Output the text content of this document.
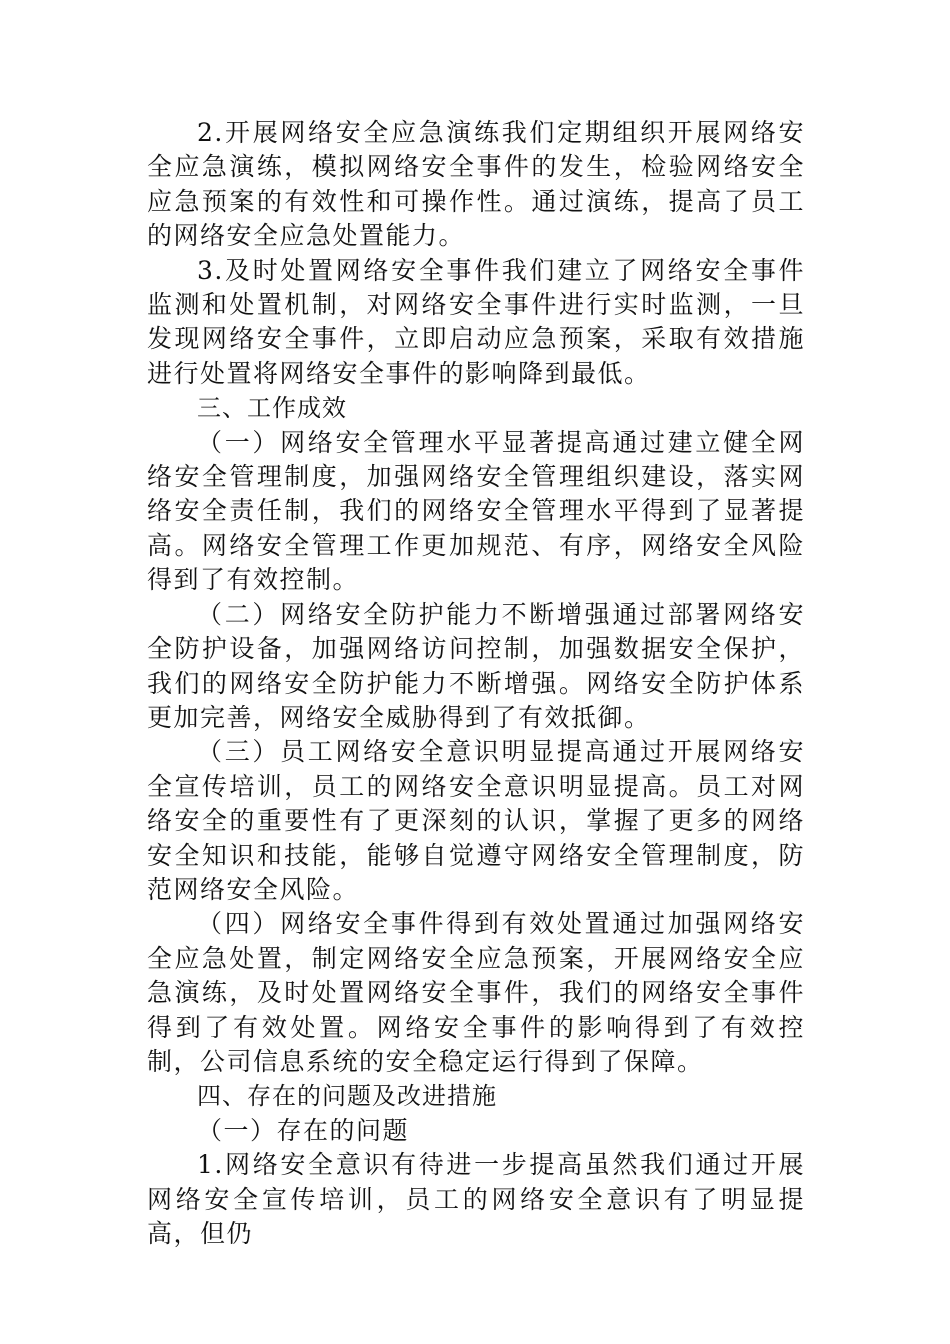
2.开展网络安全应急演练我们定期组织开展网络安全应急演练，模拟网络安全事件的发生，检验网络安全应急预案的有效性和可操作性。通过演练，提高了员工的网络安全应急处置能力。

3.及时处置网络安全事件我们建立了网络安全事件监测和处置机制，对网络安全事件进行实时监测，一旦发现网络安全事件，立即启动应急预案，采取有效措施进行处置将网络安全事件的影响降到最低。

三、工作成效

（一）网络安全管理水平显著提高通过建立健全网络安全管理制度，加强网络安全管理组织建设，落实网络安全责任制，我们的网络安全管理水平得到了显著提高。网络安全管理工作更加规范、有序，网络安全风险得到了有效控制。

（二）网络安全防护能力不断增强通过部署网络安全防护设备，加强网络访问控制，加强数据安全保护，我们的网络安全防护能力不断增强。网络安全防护体系更加完善，网络安全威胁得到了有效抵御。

（三）员工网络安全意识明显提高通过开展网络安全宣传培训，员工的网络安全意识明显提高。员工对网络安全的重要性有了更深刻的认识，掌握了更多的网络安全知识和技能，能够自觉遵守网络安全管理制度，防范网络安全风险。

（四）网络安全事件得到有效处置通过加强网络安全应急处置，制定网络安全应急预案，开展网络安全应急演练，及时处置网络安全事件，我们的网络安全事件得到了有效处置。网络安全事件的影响得到了有效控制，公司信息系统的安全稳定运行得到了保障。

四、存在的问题及改进措施

（一）存在的问题

1.网络安全意识有待进一步提高虽然我们通过开展网络安全宣传培训，员工的网络安全意识有了明显提高，但仍
